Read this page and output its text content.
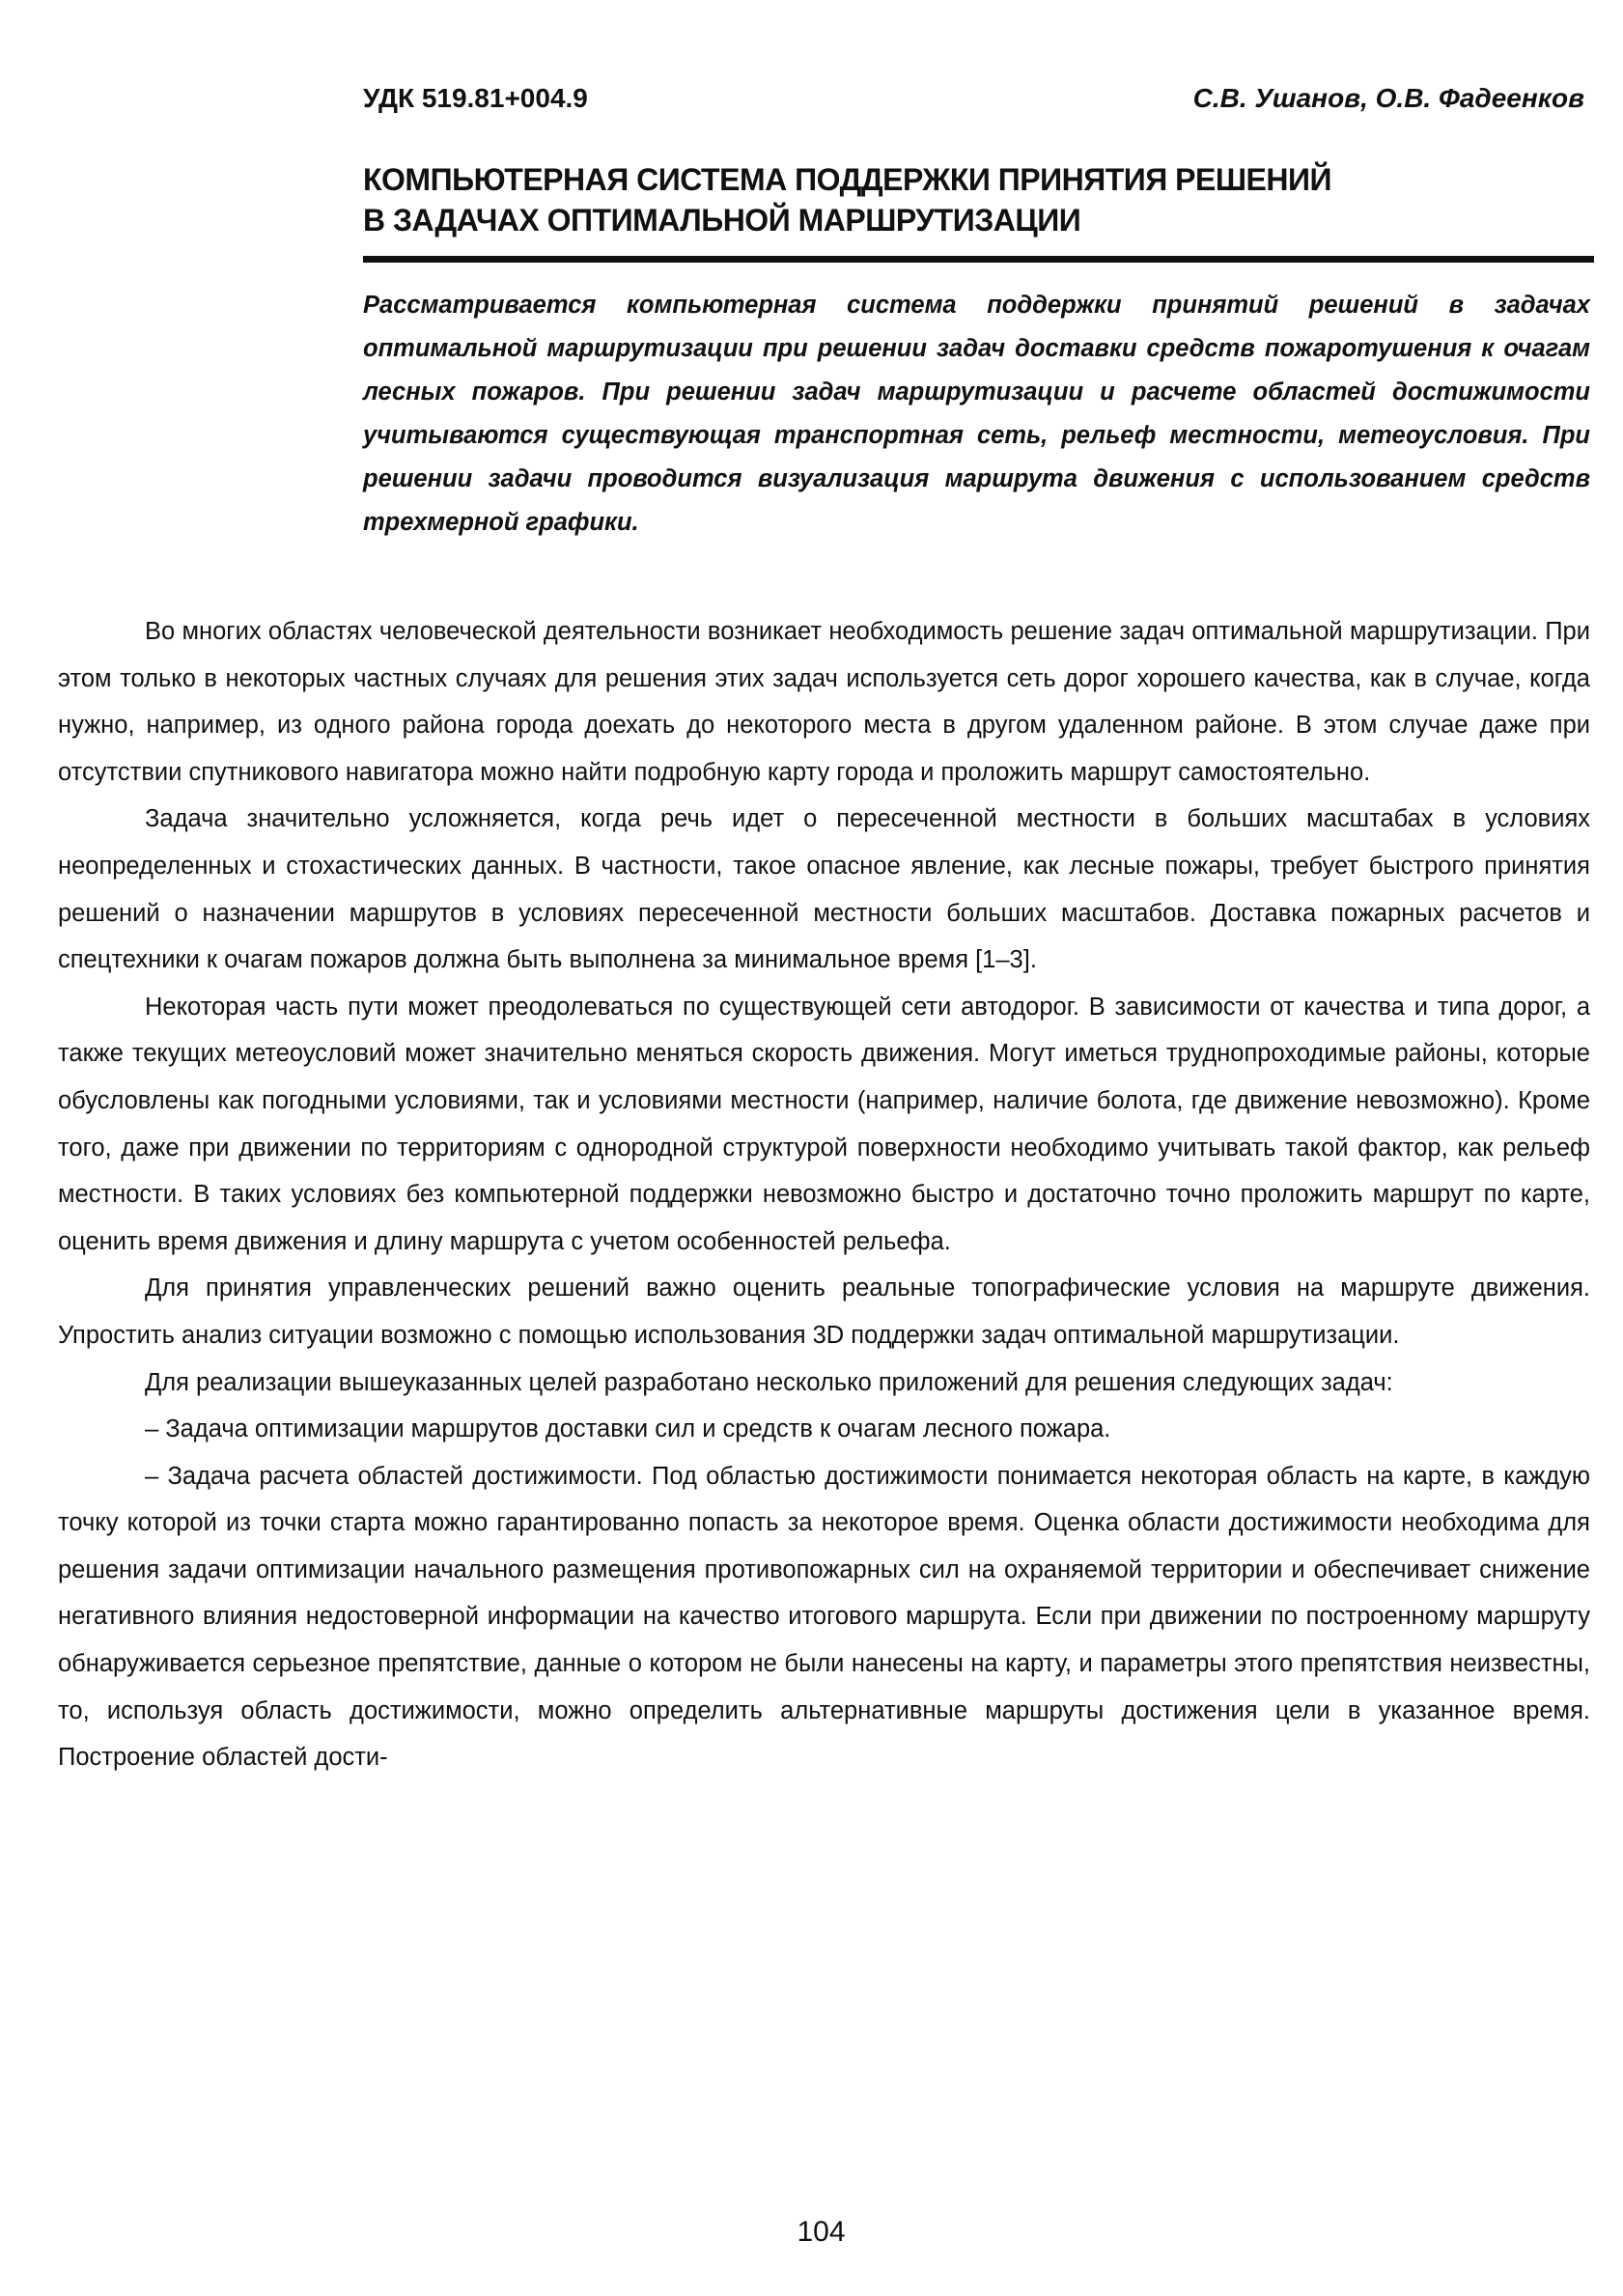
УДК 519.81+004.9	С.В. Ушанов, О.В. Фадеенков
КОМПЬЮТЕРНАЯ СИСТЕМА ПОДДЕРЖКИ ПРИНЯТИЯ РЕШЕНИЙ
В ЗАДАЧАХ ОПТИМАЛЬНОЙ МАРШРУТИЗАЦИИ
Рассматривается компьютерная система поддержки принятий решений в задачах оптимальной маршрутизации при решении задач доставки средств пожаротушения к очагам лесных пожаров. При решении задач маршрутизации и расчете областей достижимости учитываются существующая транспортная сеть, рельеф местности, метеоусловия. При решении задачи проводится визуализация маршрута движения с использованием средств трехмерной графики.

Во многих областях человеческой деятельности возникает необходимость решение задач оптимальной маршрутизации. При этом только в некоторых частных случаях для решения этих задач используется сеть дорог хорошего качества, как в случае, когда нужно, например, из одного района города доехать до некоторого места в другом удаленном районе. В этом случае даже при отсутствии спутникового навигатора можно найти подробную карту города и проложить маршрут самостоятельно.

Задача значительно усложняется, когда речь идет о пересеченной местности в больших масштабах в условиях неопределенных и стохастических данных. В частности, такое опасное явление, как лесные пожары, требует быстрого принятия решений о назначении маршрутов в условиях пересеченной местности больших масштабов. Доставка пожарных расчетов и спецтехники к очагам пожаров должна быть выполнена за минимальное время [1–3].

Некоторая часть пути может преодолеваться по существующей сети автодорог. В зависимости от качества и типа дорог, а также текущих метеоусловий может значительно меняться скорость движения. Могут иметься труднопроходимые районы, которые обусловлены как погодными условиями, так и условиями местности (например, наличие болота, где движение невозможно). Кроме того, даже при движении по территориям с однородной структурой поверхности необходимо учитывать такой фактор, как рельеф местности. В таких условиях без компьютерной поддержки невозможно быстро и достаточно точно проложить маршрут по карте, оценить время движения и длину маршрута с учетом особенностей рельефа.

Для принятия управленческих решений важно оценить реальные топографические условия на маршруте движения. Упростить анализ ситуации возможно с помощью использования 3D поддержки задач оптимальной маршрутизации.

Для реализации вышеуказанных целей разработано несколько приложений для решения следующих задач:

– Задача оптимизации маршрутов доставки сил и средств к очагам лесного пожара.

– Задача расчета областей достижимости. Под областью достижимости понимается некоторая область на карте, в каждую точку которой из точки старта можно гарантированно попасть за некоторое время. Оценка области достижимости необходима для решения задачи оптимизации начального размещения противопожарных сил на охраняемой территории и обеспечивает снижение негативного влияния недостоверной информации на качество итогового маршрута. Если при движении по построенному маршруту обнаруживается серьезное препятствие, данные о котором не были нанесены на карту, и параметры этого препятствия неизвестны, то, используя область достижимости, можно определить альтернативные маршруты достижения цели в указанное время. Построение областей дости-

104
